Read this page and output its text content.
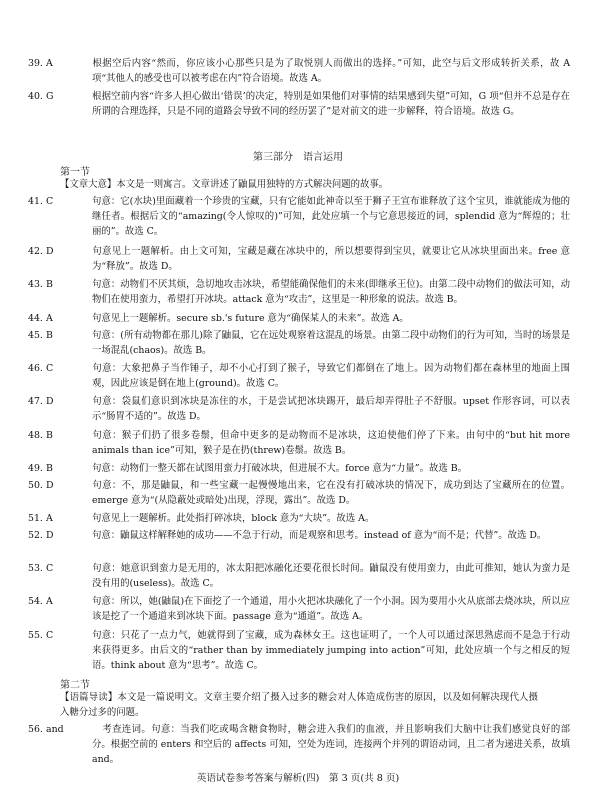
39. A	根据空后内容“然而，你应该小心那些只是为了取悦别人而做出的选择。”可知，此空与后文形成转折关系，故 A 项“其他人的感受也可以被考虑在内”符合语境。故选 A。
40. G	根据空前内容“许多人担心做出‘错误’的决定，特别是如果他们对事情的结果感到失望”可知，G 项“但并不总是存在所谓的合理选择，只是不同的道路会导致不同的经历罢了”是对前文的进一步解释，符合语境。故选 G。
第三部分　语言运用
第一节
【文章大意】本文是一则寓言。文章讲述了鼬鼠用独特的方式解决问题的故事。
41. C	句意：它(水块)里面藏着一个珍贵的宝藏，只有它能如此神奇以至于狮子王宣布谁释放了这个宝贝，谁就能成为他的继任者。根据后文的“amazing(令人惊叹的)”可知，此处应填一个与它意思接近的词，splendid 意为“辉煌的；壮丽的”。故选 C。
42. D	句意见上一题解析。由上文可知，宝藏是藏在冰块中的，所以想要得到宝贝，就要让它从冰块里面出来。free 意为“释放”。故选 D。
43. B	句意：动物们不厌其烦，急切地攻击冰块，希望能确保他们的未来(即继承王位)。由第二段中动物们的做法可知，动物们在使用蛮力，希望打开冰块。attack 意为“攻击”，这里是一种形象的说法。故选 B。
44. A	句意见上一题解析。secure sb.'s future 意为“确保某人的未来”。故选 A。
45. B	句意：(所有动物都在那儿)除了鼬鼠，它在远处观察着这混乱的场景。由第二段中动物们的行为可知，当时的场景是一场混乱(chaos)。故选 B。
46. C	句意：大象把鼻子当作锤子，却不小心打到了猴子，导致它们都倒在了地上。因为动物们都在森林里的地面上围观，因此应该是倒在地上(ground)。故选 C。
47. D	句意：袋鼠们意识到冰块是冻住的水，于是尝试把冰块踢开，最后却弄得肚子不舒服。upset 作形容词，可以表示“肠胃不适的”。故选 D。
48. B	句意：猴子们扔了很多卷鬃，但命中更多的是动物而不是冰块，这迫使他们停了下来。由句中的“but hit more animals than ice”可知，猴子是在扔(threw)卷鬃。故选 B。
49. B	句意：动物们一整天都在试图用蛮力打破冰块，但进展不大。force 意为“力量”。故选 B。
50. D	句意：不，那是鼬鼠，和一些宝藏一起慢慢地出来，它在没有打破冰块的情况下，成功到达了宝藏所在的位置。emerge 意为“(从隐蔽处或暗处)出现，浮现，露出”。故选 D。
51. A	句意见上一题解析。此处指打碎冰块，block 意为“大块”。故选 A。
52. D	句意：鼬鼠这样解释她的成功——不急于行动，而是观察和思考。instead of 意为“而不是；代替”。故选 D。
53. C	句意：她意识到蛮力是无用的，冰太阳把冰融化还要花很长时间。鼬鼠没有使用蛮力，由此可推知，她认为蛮力是没有用的(useless)。故选 C。
54. A	句意：所以，她(鼬鼠)在下面挖了一个通道，用小火把冰块融化了一个小洞。因为要用小火从底部去烧冰块，所以应该是挖了一个通道来到冰块下面。passage 意为“通道”。故选 A。
55. C	句意：只花了一点力气，她就得到了宝藏，成为森林女王。这也证明了，一个人可以通过深思熟虑而不是急于行动来获得更多。由后文的“rather than by immediately jumping into action”可知，此处应填一个与之相反的短语。think about 意为“思考”。故选 C。
第二节
【语篇导读】本文是一篇说明文。文章主要介绍了摄入过多的糖会对人体造成伤害的原因，以及如何解决现代人摄入糖分过多的问题。
56. and	考查连词。句意：当我们吃或喝含糖食物时，糖会进入我们的血液，并且影响我们大脑中让我们感觉良好的部分。根据空前的 enters 和空后的 affects 可知，空处为连词，连接两个并列的谓语动词，且二者为递进关系，故填 and。
英语试卷参考答案与解析(四)　第 3 页(共 8 页)
